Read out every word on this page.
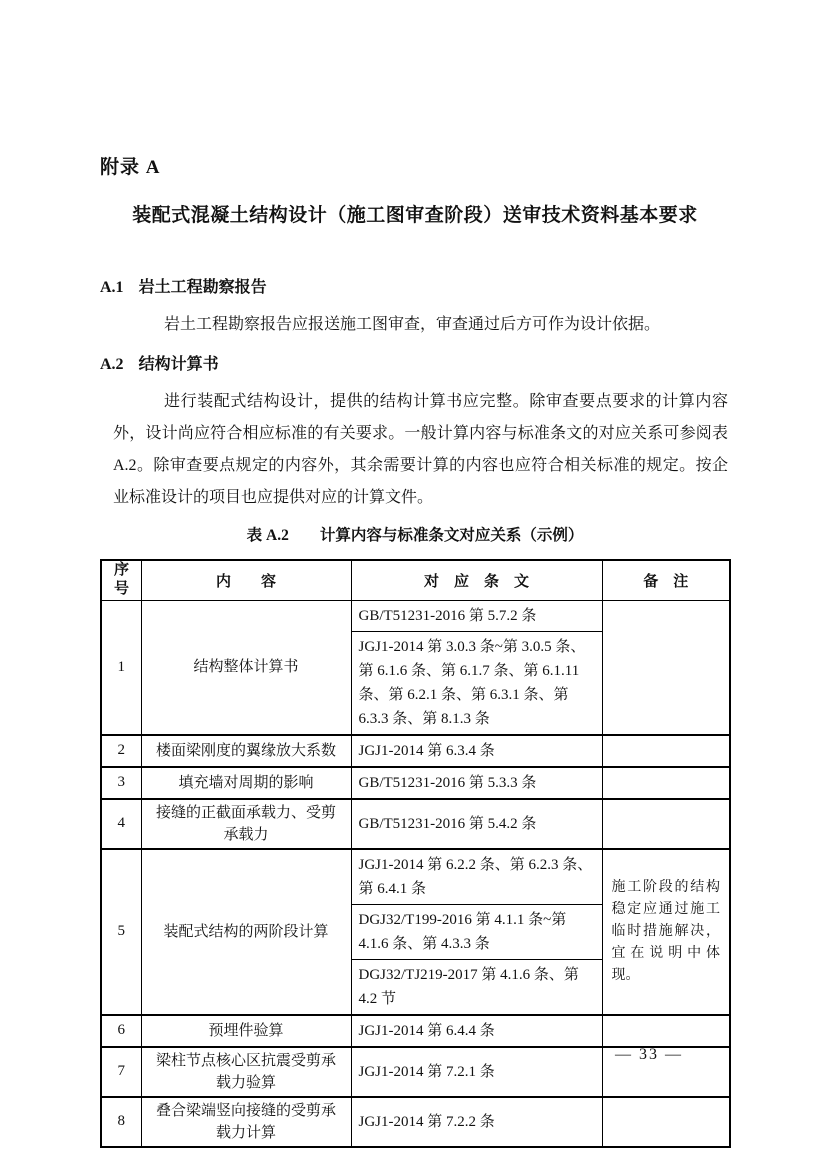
附录 A
装配式混凝土结构设计（施工图审查阶段）送审技术资料基本要求
A.1 岩土工程勘察报告

岩土工程勘察报告应报送施工图审查，审查通过后方可作为设计依据。

A.2 结构计算书

进行装配式结构设计，提供的结构计算书应完整。除审查要点要求的计算内容外，设计尚应符合相应标准的有关要求。一般计算内容与标准条文的对应关系可参阅表 A.2。除审查要点规定的内容外，其余需要计算的内容也应符合相关标准的规定。按企业标准设计的项目也应提供对应的计算文件。

表 A.2　　计算内容与标准条文对应关系（示例）
序号	内　　容	对　应　条　文	备　注
1	结构整体计算书	GB/T51231-2016 第 5.7.2 条	
		JGJ1-2014 第 3.0.3 条~第 3.0.5 条、第 6.1.6 条、第 6.1.7 条、第 6.1.11 条、第 6.2.1 条、第 6.3.1 条、第 6.3.3 条、第 8.1.3 条	
2	楼面梁刚度的翼缘放大系数	JGJ1-2014 第 6.3.4 条	
3	填充墙对周期的影响	GB/T51231-2016 第 5.3.3 条	
4	接缝的正截面承载力、受剪承载力	GB/T51231-2016 第 5.4.2 条	
5	装配式结构的两阶段计算	JGJ1-2014 第 6.2.2 条、第 6.2.3 条、第 6.4.1 条	施工阶段的结构稳定应通过施工临时措施解决，宜在说明中体现。
		DGJ32/T199-2016 第 4.1.1 条~第 4.1.6 条、第 4.3.3 条	
		DGJ32/TJ219-2017 第 4.1.6 条、第 4.2 节	
6	预埋件验算	JGJ1-2014 第 6.4.4 条	
7	梁柱节点核心区抗震受剪承载力验算	JGJ1-2014 第 7.2.1 条	
8	叠合梁端竖向接缝的受剪承载力计算	JGJ1-2014 第 7.2.2 条	
— 33 —
